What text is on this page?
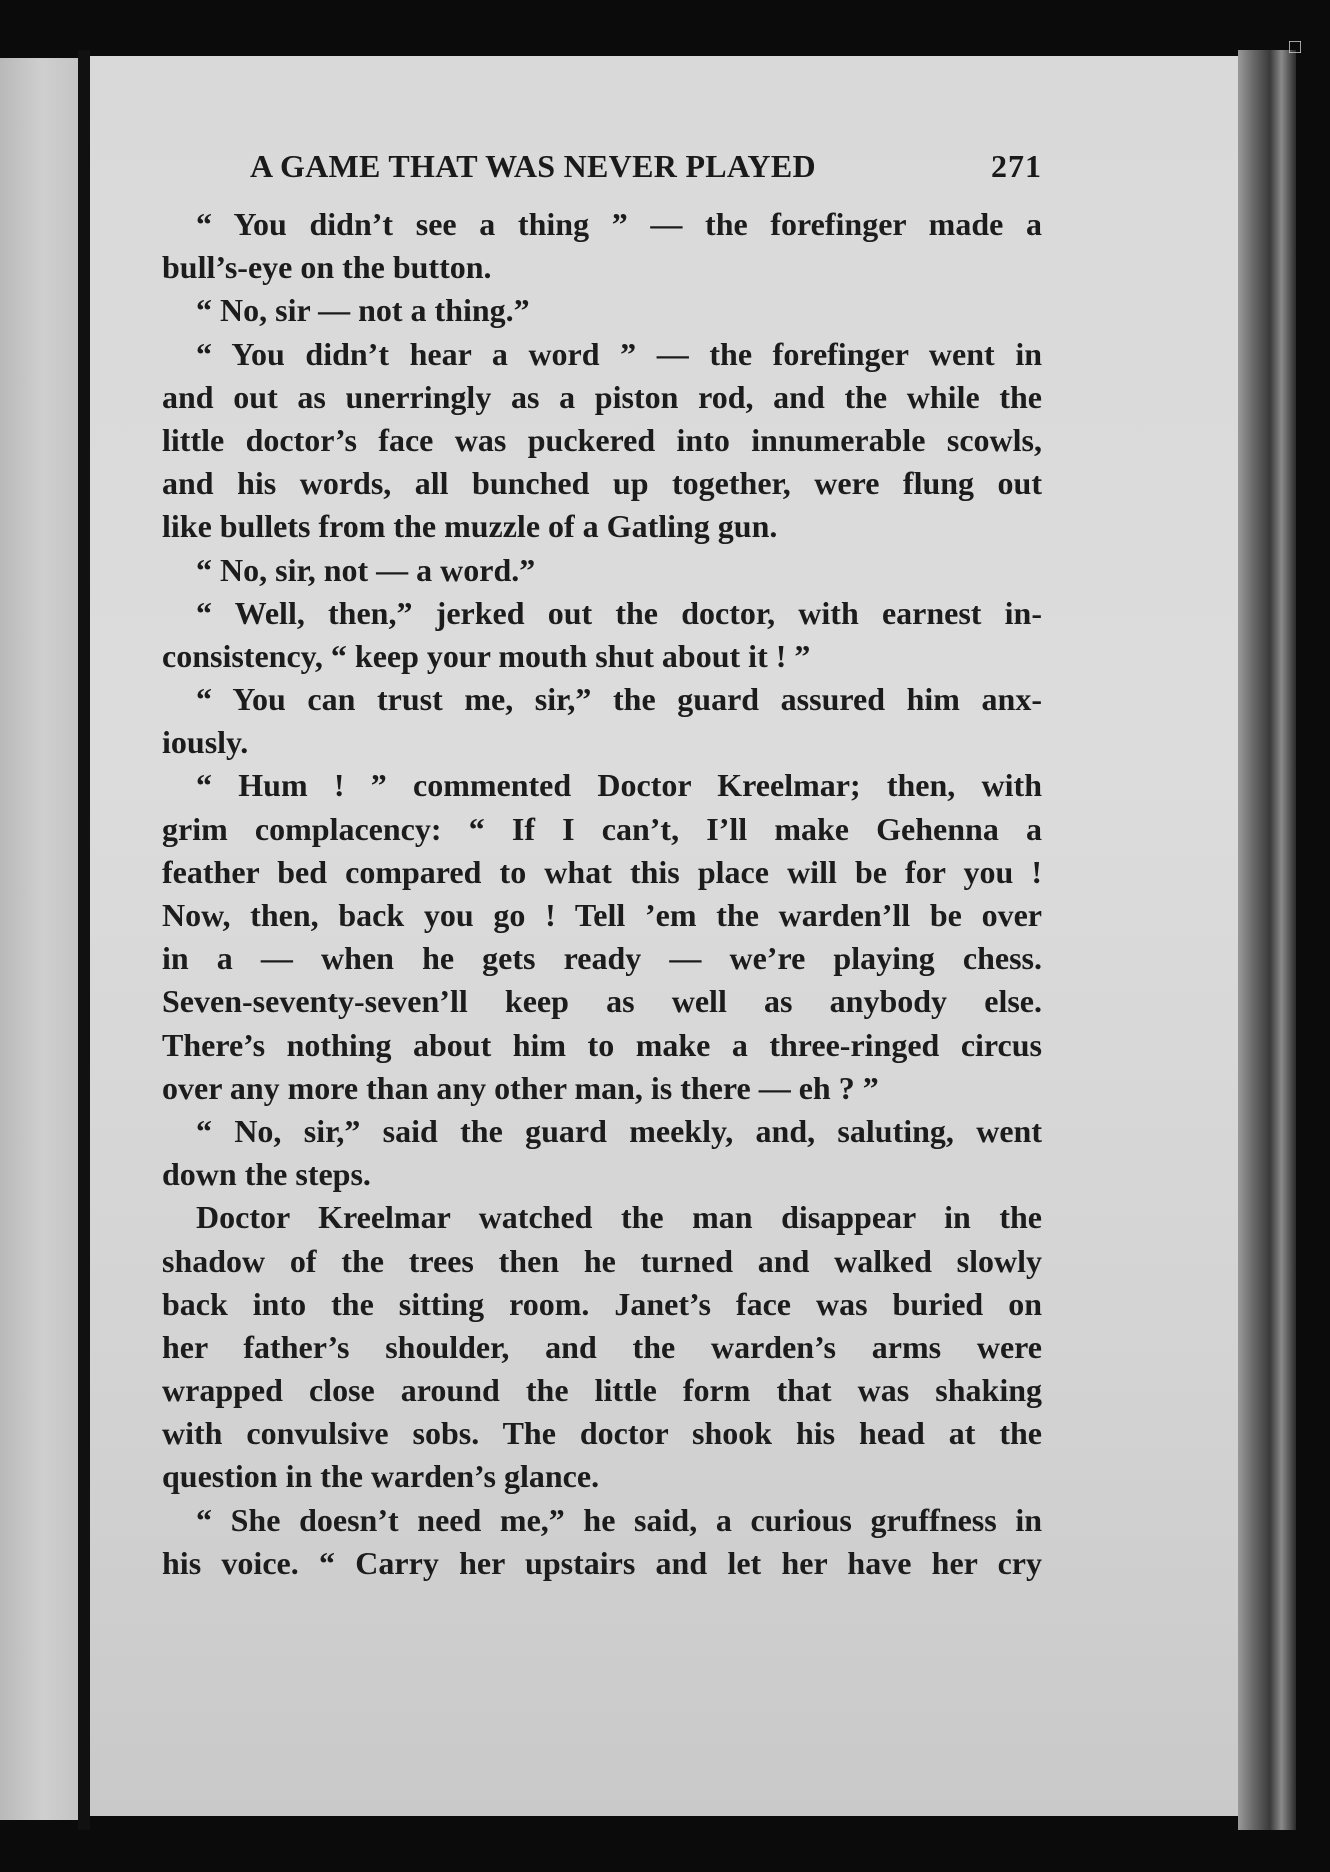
□
A GAME THAT WAS NEVER PLAYED	271
“ You didn’t see a thing ” — the forefinger made a
bull’s-eye on the button.
“ No, sir — not a thing.”
“ You didn’t hear a word ” — the forefinger went in
and out as unerringly as a piston rod, and the while the
little doctor’s face was puckered into innumerable scowls,
and his words, all bunched up together, were flung out
like bullets from the muzzle of a Gatling gun.
“ No, sir, not — a word.”
“ Well, then,” jerked out the doctor, with earnest in-
consistency, “ keep your mouth shut about it ! ”
“ You can trust me, sir,” the guard assured him anx-
iously.
“ Hum ! ” commented Doctor Kreelmar; then, with
grim complacency: “ If I can’t, I’ll make Gehenna a
feather bed compared to what this place will be for you !
Now, then, back you go ! Tell ’em the warden’ll be over
in a — when he gets ready — we’re playing chess.
Seven-seventy-seven’ll keep as well as anybody else.
There’s nothing about him to make a three-ringed circus
over any more than any other man, is there — eh ? ”
“ No, sir,” said the guard meekly, and, saluting, went
down the steps.
Doctor Kreelmar watched the man disappear in the
shadow of the trees then he turned and walked slowly
back into the sitting room. Janet’s face was buried on
her father’s shoulder, and the warden’s arms were
wrapped close around the little form that was shaking
with convulsive sobs. The doctor shook his head at the
question in the warden’s glance.
“ She doesn’t need me,” he said, a curious gruffness in
his voice. “ Carry her upstairs and let her have her cry
